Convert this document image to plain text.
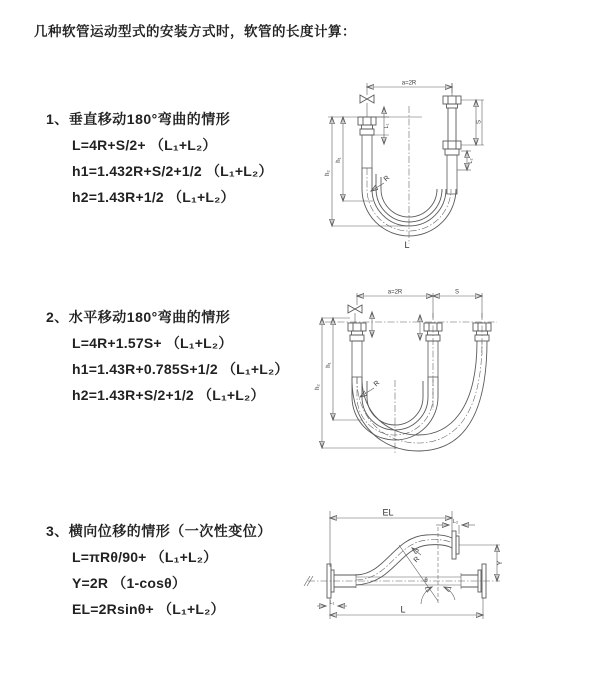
几种软管运动型式的安装方式时，软管的长度计算：

1、垂直移动180°弯曲的情形

L=4R+S/2+ （L₁+L₂）

h1=1.432R+S/2+1/2 （L₁+L₂）

h2=1.43R+1/2 （L₁+L₂）

2、水平移动180°弯曲的情形

L=4R+1.57S+ （L₁+L₂）

h1=1.43R+0.785S+1/2 （L₁+L₂）

h2=1.43R+S/2+1/2 （L₁+L₂）

3、横向位移的情形（一次性变位）

L=πRθ/90+ （L₁+L₂）

Y=2R （1-cosθ）

EL=2Rsinθ+ （L₁+L₂）

a=2R
L₁
S
L₂
h₁
h₂
R
L
a=2R	S
h₁
h₂	R
EL
L₂
Y
θ
R
L
L₁
